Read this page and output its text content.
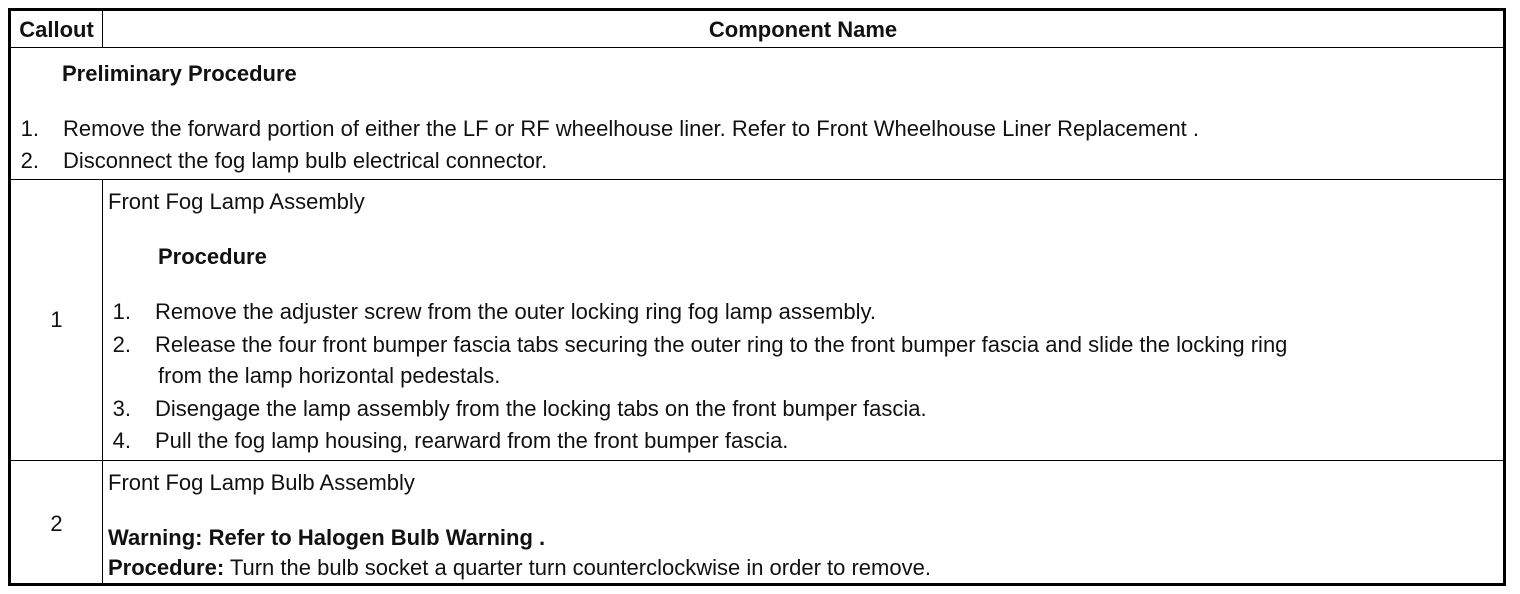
Callout	Component Name
Preliminary Procedure
1. Remove the forward portion of either the LF or RF wheelhouse liner. Refer to Front Wheelhouse Liner Replacement .
2. Disconnect the fog lamp bulb electrical connector.
1
Front Fog Lamp Assembly
Procedure
1. Remove the adjuster screw from the outer locking ring fog lamp assembly.
2. Release the four front bumper fascia tabs securing the outer ring to the front bumper fascia and slide the locking ring
from the lamp horizontal pedestals.
3. Disengage the lamp assembly from the locking tabs on the front bumper fascia.
4. Pull the fog lamp housing, rearward from the front bumper fascia.
2
Front Fog Lamp Bulb Assembly
Warning: Refer to Halogen Bulb Warning .
Procedure: Turn the bulb socket a quarter turn counterclockwise in order to remove.
